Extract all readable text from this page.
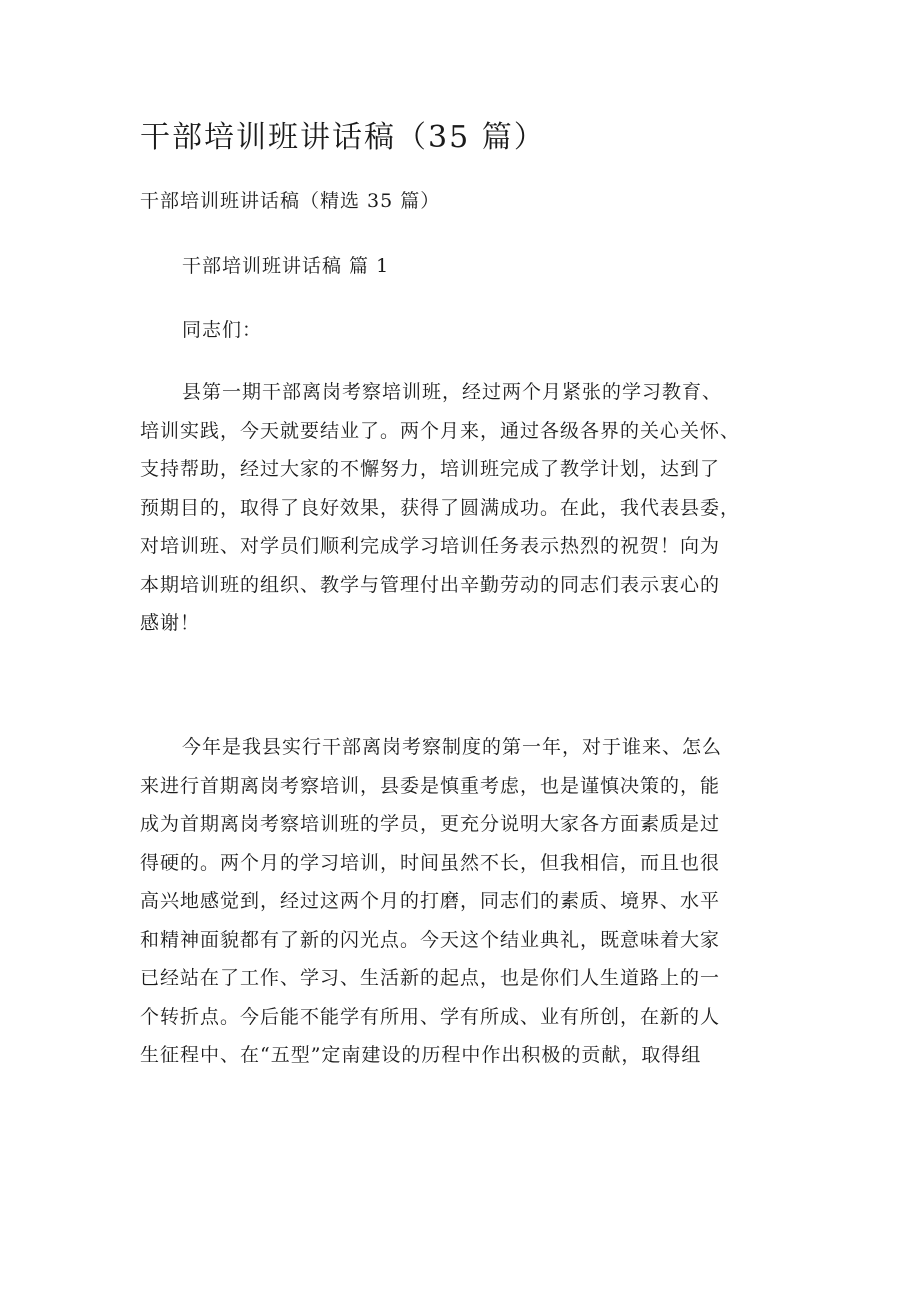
干部培训班讲话稿（35 篇）
干部培训班讲话稿（精选 35 篇）
干部培训班讲话稿 篇 1
同志们：
县第一期干部离岗考察培训班，经过两个月紧张的学习教育、
培训实践，今天就要结业了。两个月来，通过各级各界的关心关怀、
支持帮助，经过大家的不懈努力，培训班完成了教学计划，达到了
预期目的，取得了良好效果，获得了圆满成功。在此，我代表县委，
对培训班、对学员们顺利完成学习培训任务表示热烈的祝贺！向为
本期培训班的组织、教学与管理付出辛勤劳动的同志们表示衷心的
感谢！
今年是我县实行干部离岗考察制度的第一年，对于谁来、怎么
来进行首期离岗考察培训，县委是慎重考虑，也是谨慎决策的，能
成为首期离岗考察培训班的学员，更充分说明大家各方面素质是过
得硬的。两个月的学习培训，时间虽然不长，但我相信，而且也很
高兴地感觉到，经过这两个月的打磨，同志们的素质、境界、水平
和精神面貌都有了新的闪光点。今天这个结业典礼，既意味着大家
已经站在了工作、学习、生活新的起点，也是你们人生道路上的一
个转折点。今后能不能学有所用、学有所成、业有所创，在新的人
生征程中、在“五型”定南建设的历程中作出积极的贡献，取得组
